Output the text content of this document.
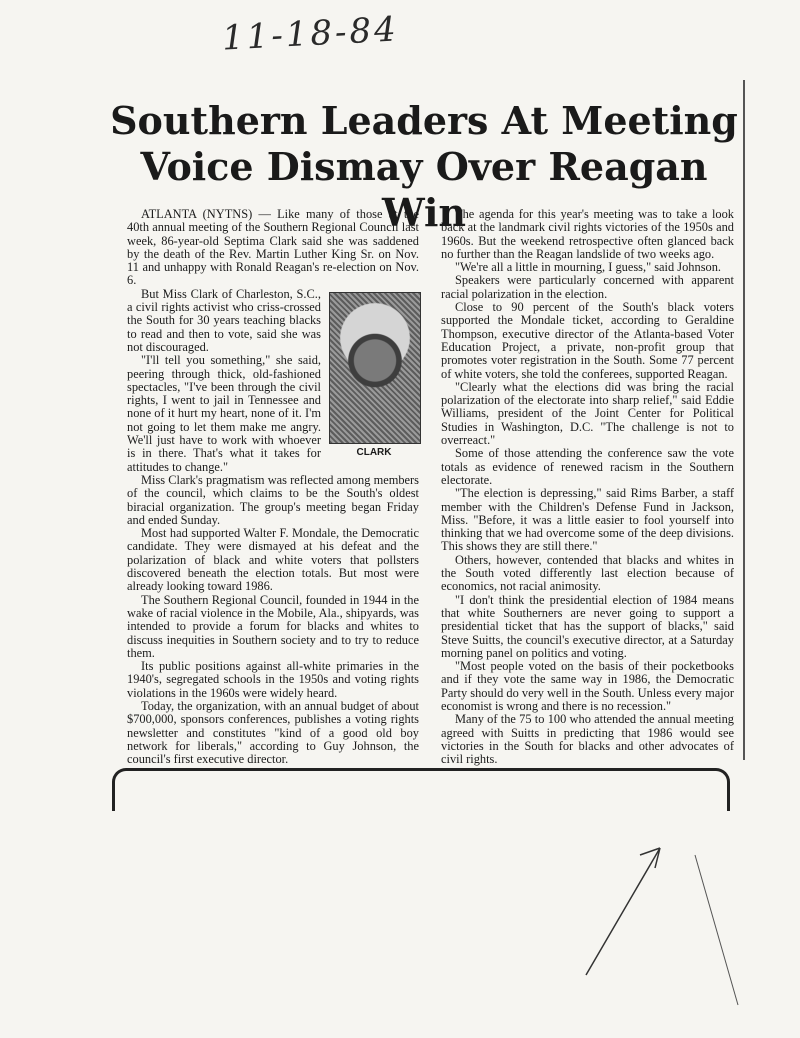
11-18-84
Southern Leaders At Meeting
Voice Dismay Over Reagan Win

ATLANTA (NYTNS) — Like many of those at the 40th annual meeting of the Southern Regional Council last week, 86-year-old Septima Clark said she was saddened by the death of the Rev. Martin Luther King Sr. on Nov. 11 and unhappy with Ronald Reagan's re-election on Nov. 6.

CLARK

But Miss Clark of Charleston, S.C., a civil rights activist who criss-crossed the South for 30 years teaching blacks to read and then to vote, said she was not discouraged.

"I'll tell you something," she said, peering through thick, old-fashioned spectacles, "I've been through the civil rights, I went to jail in Tennessee and none of it hurt my heart, none of it. I'm not going to let them make me angry. We'll just have to work with whoever is in there. That's what it takes for attitudes to change."

Miss Clark's pragmatism was reflected among members of the council, which claims to be the South's oldest biracial organization. The group's meeting began Friday and ended Sunday.

Most had supported Walter F. Mondale, the Democratic candidate. They were dismayed at his defeat and the polarization of black and white voters that pollsters discovered beneath the election totals. But most were already looking toward 1986.

The Southern Regional Council, founded in 1944 in the wake of racial violence in the Mobile, Ala., shipyards, was intended to provide a forum for blacks and whites to discuss inequities in Southern society and to try to reduce them.

Its public positions against all-white primaries in the 1940's, segregated schools in the 1950s and voting rights violations in the 1960s were widely heard.

Today, the organization, with an annual budget of about $700,000, sponsors conferences, publishes a voting rights newsletter and constitutes "kind of a good old boy network for liberals," according to Guy Johnson, the council's first executive director.

The agenda for this year's meeting was to take a look back at the landmark civil rights victories of the 1950s and 1960s. But the weekend retrospective often glanced back no further than the Reagan landslide of two weeks ago.

"We're all a little in mourning, I guess," said Johnson.

Speakers were particularly concerned with apparent racial polarization in the election.

Close to 90 percent of the South's black voters supported the Mondale ticket, according to Geraldine Thompson, executive director of the Atlanta-based Voter Education Project, a private, non-profit group that promotes voter registration in the South. Some 77 percent of white voters, she told the conferees, supported Reagan.

"Clearly what the elections did was bring the racial polarization of the electorate into sharp relief," said Eddie Williams, president of the Joint Center for Political Studies in Washington, D.C. "The challenge is not to overreact."

Some of those attending the conference saw the vote totals as evidence of renewed racism in the Southern electorate.

"The election is depressing," said Rims Barber, a staff member with the Children's Defense Fund in Jackson, Miss. "Before, it was a little easier to fool yourself into thinking that we had overcome some of the deep divisions. This shows they are still there."

Others, however, contended that blacks and whites in the South voted differently last election because of economics, not racial animosity.

"I don't think the presidential election of 1984 means that white Southerners are never going to support a presidential ticket that has the support of blacks," said Steve Suitts, the council's executive director, at a Saturday morning panel on politics and voting.

"Most people voted on the basis of their pocketbooks and if they vote the same way in 1986, the Democratic Party should do very well in the South. Unless every major economist is wrong and there is no recession."

Many of the 75 to 100 who attended the annual meeting agreed with Suitts in predicting that 1986 would see victories in the South for blacks and other advocates of civil rights.
